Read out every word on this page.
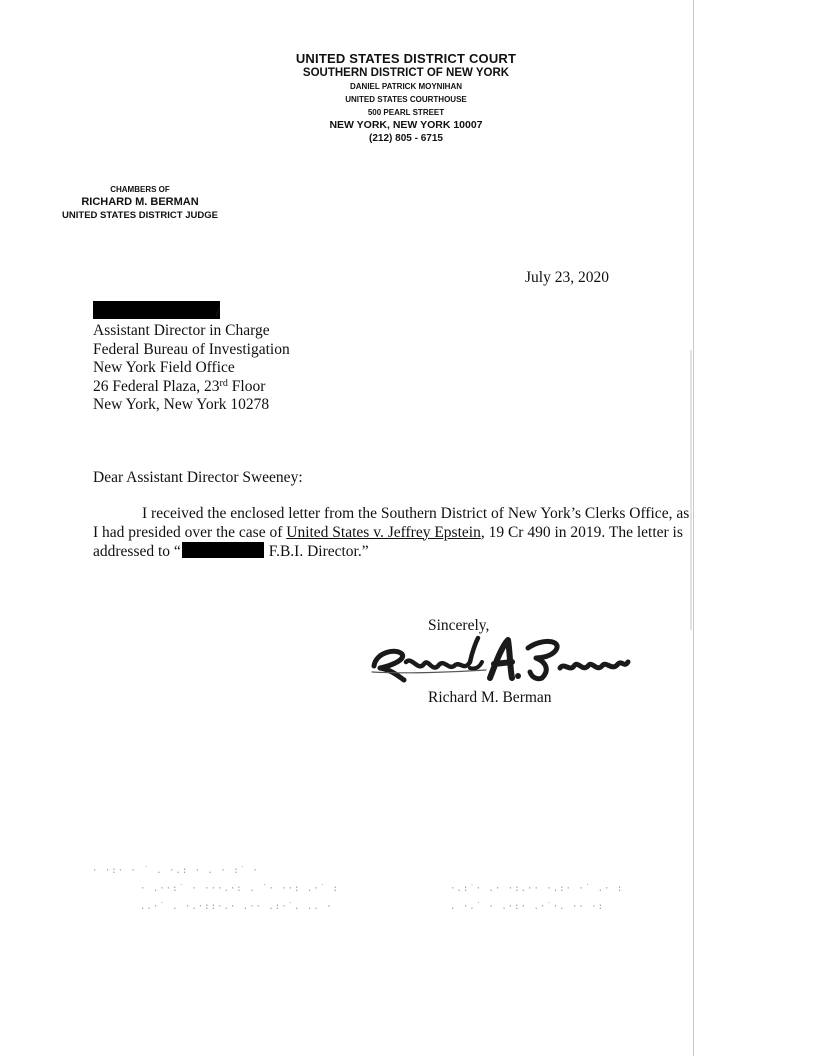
UNITED STATES DISTRICT COURT
SOUTHERN DISTRICT OF NEW YORK
DANIEL PATRICK MOYNIHAN
UNITED STATES COURTHOUSE
500 PEARL STREET
NEW YORK, NEW YORK 10007
(212) 805 - 6715
CHAMBERS OF
RICHARD M. BERMAN
UNITED STATES DISTRICT JUDGE
July 23, 2020
/
Assistant Director in Charge
Federal Bureau of Investigation
New York Field Office
26 Federal Plaza, 23rd Floor
New York, New York 10278
Dear Assistant Director Sweeney:
I received the enclosed letter from the Southern District of New York’s Clerks Office, as
I had presided over the case of United States v. Jeffrey Epstein, 19 Cr 490 in 2019. The letter is
addressed to “	F.B.I. Director.”
Sincerely,
Richard M. Berman
· ·:· · ˙ . ·.: · . · :˙ ·
· .··:˙ · ···.·: . ˙· ··: .·˙ :
..·˙ . ·.·::·.· .·· .:·˙. .. ·
·.:˙· .· ·:.·· ·.:· ·˙ .· :
. ·.˙ · .·:· .·˙·. ·· ·:
